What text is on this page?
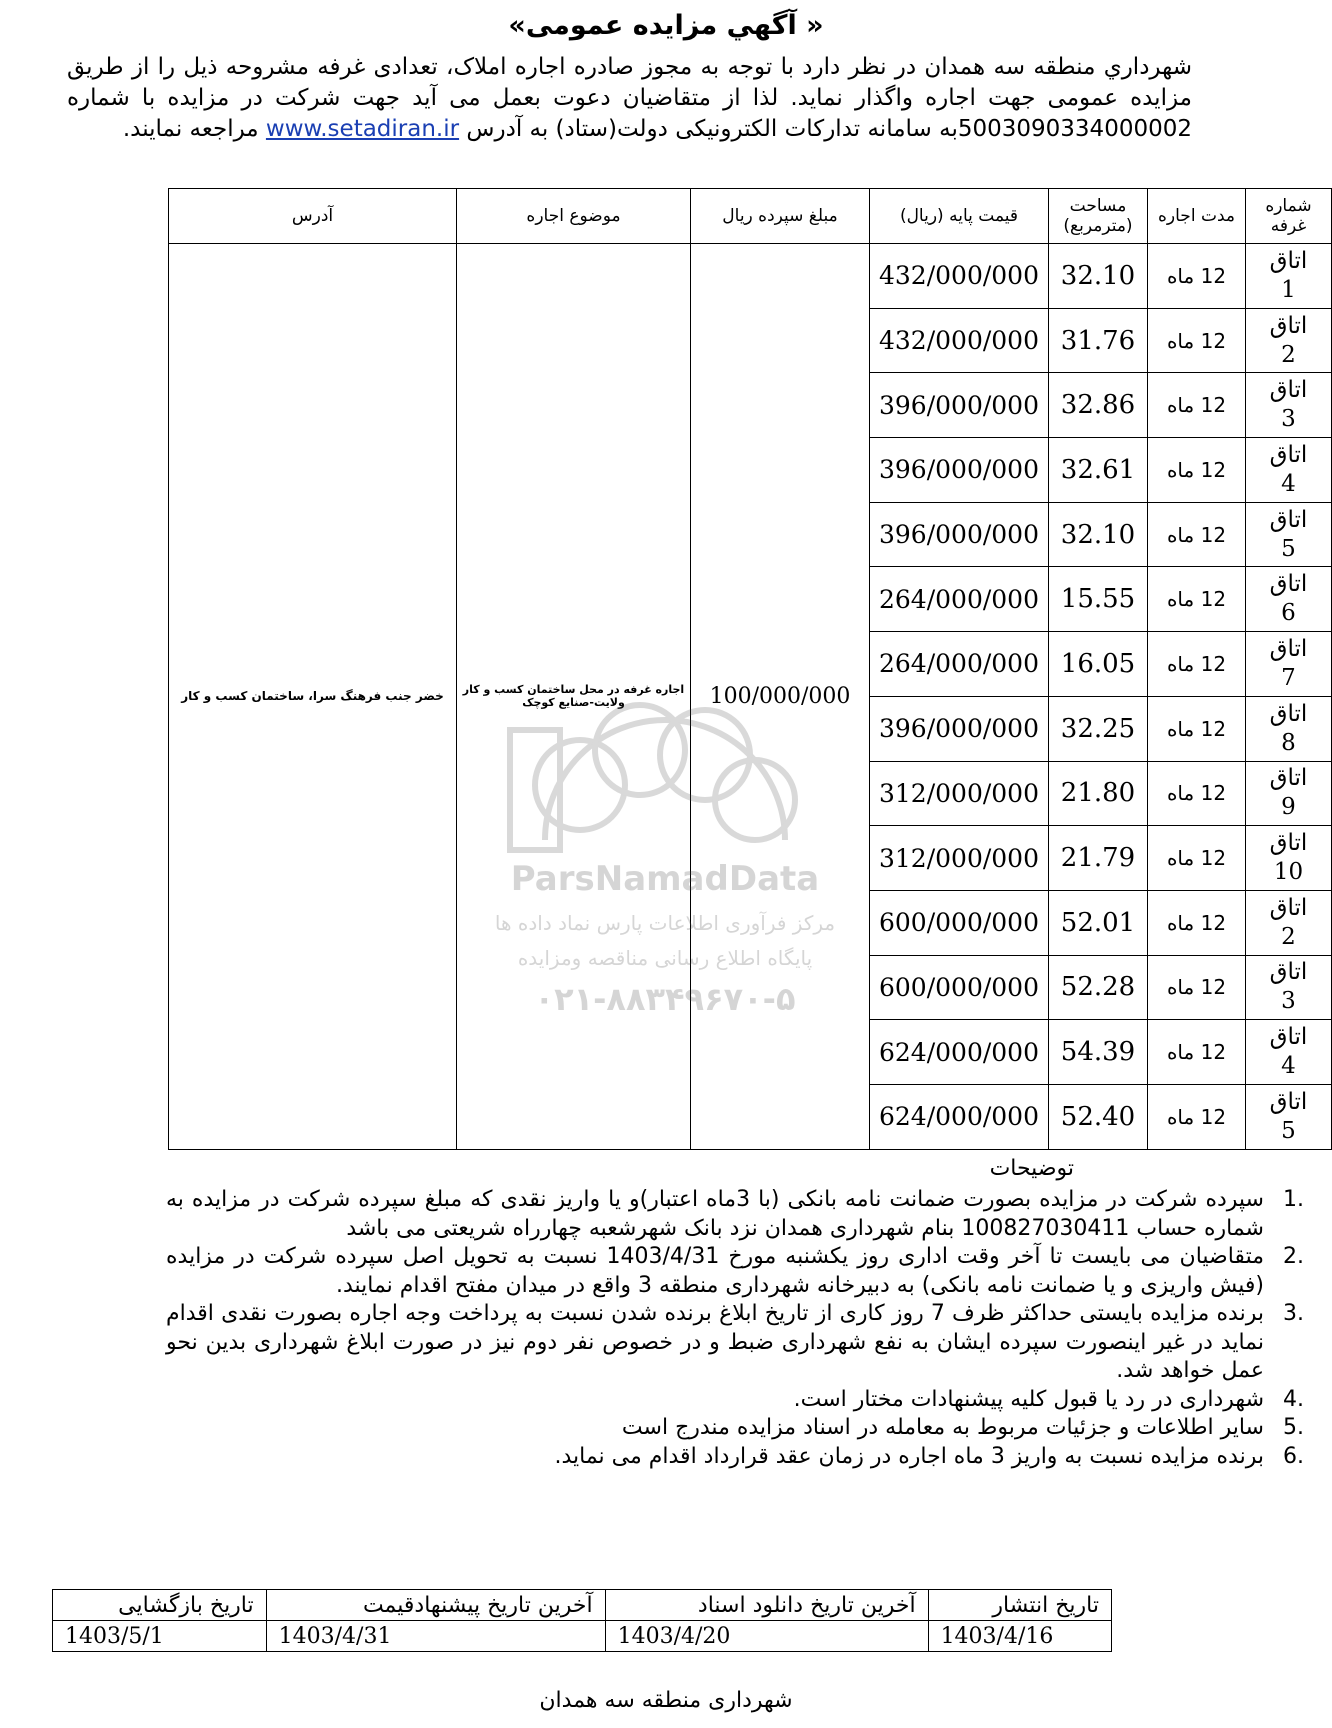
« آگهي مزايده عمومی»
شهرداري منطقه سه همدان در نظر دارد با توجه به مجوز صادره اجاره املاک، تعدادی غرفه مشروحه ذيل را از طريق مزايده عمومی جهت اجاره واگذار نمايد. لذا از متقاضيان دعوت بعمل می آيد جهت شرکت در مزايده با شماره 5003090334000002به سامانه تدارکات الکترونيکی دولت(ستاد) به آدرس www.setadiran.ir مراجعه نمايند.
شماره غرفه	مدت اجاره	مساحت (مترمربع)	قيمت پايه (ريال)	مبلغ سپرده ريال	موضوع اجاره	آدرس

اتاق
1	12 ماه	32.10	432/000/000	100/000/000	اجاره غرفه در محل ساختمان کسب و کار ولايت-صنايع کوچک	خضر جنب فرهنگ سرا، ساختمان کسب و کار

اتاق
2	12 ماه	31.76	432/000/000			

اتاق
3	12 ماه	32.86	396/000/000			

اتاق
4	12 ماه	32.61	396/000/000			

اتاق
5	12 ماه	32.10	396/000/000			

اتاق
6	12 ماه	15.55	264/000/000			

اتاق
7	12 ماه	16.05	264/000/000			

اتاق
8	12 ماه	32.25	396/000/000			

اتاق
9	12 ماه	21.80	312/000/000			

اتاق
10	12 ماه	21.79	312/000/000			

اتاق
2	12 ماه	52.01	600/000/000			

اتاق
3	12 ماه	52.28	600/000/000			

اتاق
4	12 ماه	54.39	624/000/000			

اتاق
5	12 ماه	52.40	624/000/000			
ParsNamadData
مرکز فرآوری اطلاعات پارس نماد داده ها
پایگاه اطلاع رسانی مناقصه ومزایده
۰۲۱-۸۸۳۴۹۶۷۰-۵
توضيحات
1.
سپرده شرکت در مزايده بصورت ضمانت نامه بانکی (با 3ماه اعتبار)و يا واريز نقدی که مبلغ سپرده شرکت در مزايده به شماره حساب 100827030411 بنام شهرداری همدان نزد بانک شهرشعبه چهارراه شريعتی می باشد
2.
متقاضيان می بايست تا آخر وقت اداری روز يکشنبه مورخ 1403/4/31 نسبت به تحويل اصل سپرده شرکت در مزايده (فيش واريزی و يا ضمانت نامه بانکی) به دبيرخانه شهرداری منطقه 3 واقع در ميدان مفتح اقدام نمايند.
3.
برنده مزايده بايستی حداکثر ظرف 7 روز کاری از تاريخ ابلاغ برنده شدن نسبت به پرداخت وجه اجاره بصورت نقدی اقدام نمايد در غير اينصورت سپرده ايشان به نفع شهرداری ضبط و در خصوص نفر دوم نيز در صورت ابلاغ شهرداری بدين نحو عمل خواهد شد.
4.
شهرداری در رد يا قبول کليه پيشنهادات مختار است.
5.
ساير اطلاعات و جزئيات مربوط به معامله در اسناد مزايده مندرج است
6.
برنده مزايده نسبت به واريز 3 ماه اجاره در زمان عقد قرارداد اقدام می نمايد.
تاريخ انتشار	آخرين تاريخ دانلود اسناد	آخرين تاريخ پيشنهادقيمت	تاريخ بازگشايی
1403/4/16	1403/4/20	1403/4/31	1403/5/1
شهرداری منطقه سه همدان
